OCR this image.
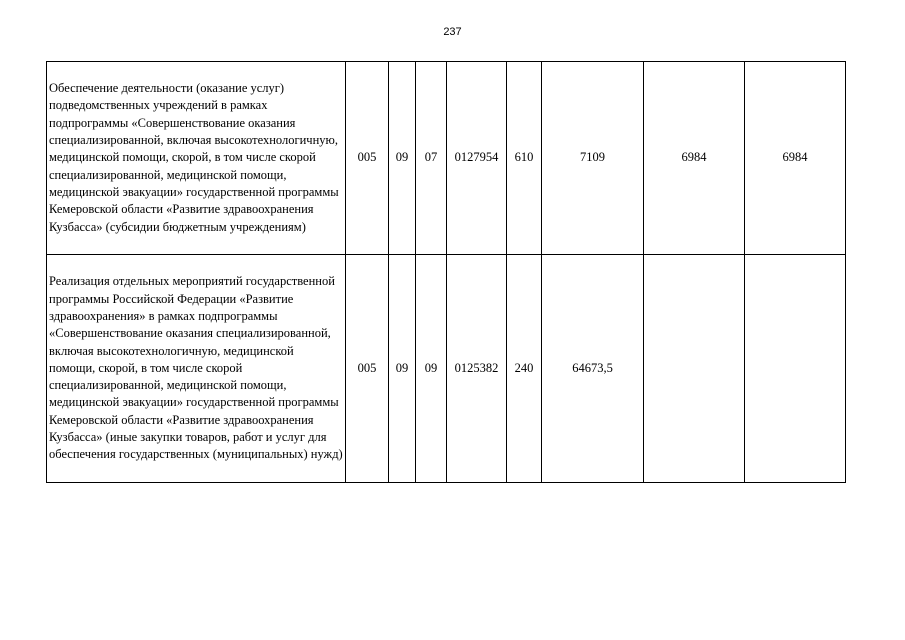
237
Обеспечение деятельности (оказание услуг) подведомственных учреждений в рамках подпрограммы «Совершенствование оказания специализированной, включая высокотехнологичную, медицинской помощи, скорой, в том числе скорой специализированной, медицинской помощи, медицинской эвакуации» государственной программы Кемеровской области «Развитие здравоохранения Кузбасса» (субсидии бюджетным учреждениям)	005	09	07	0127954	610	7109	6984	6984
Реализация отдельных мероприятий государственной программы Российской Федерации «Развитие здравоохранения» в рамках подпрограммы «Совершенствование оказания специализированной, включая высокотехнологичную, медицинской помощи, скорой, в том числе скорой специализированной, медицинской помощи, медицинской эвакуации» государственной программы Кемеровской области «Развитие здравоохранения Кузбасса» (иные закупки товаров, работ и услуг для обеспечения государственных (муниципальных) нужд)	005	09	09	0125382	240	64673,5		
